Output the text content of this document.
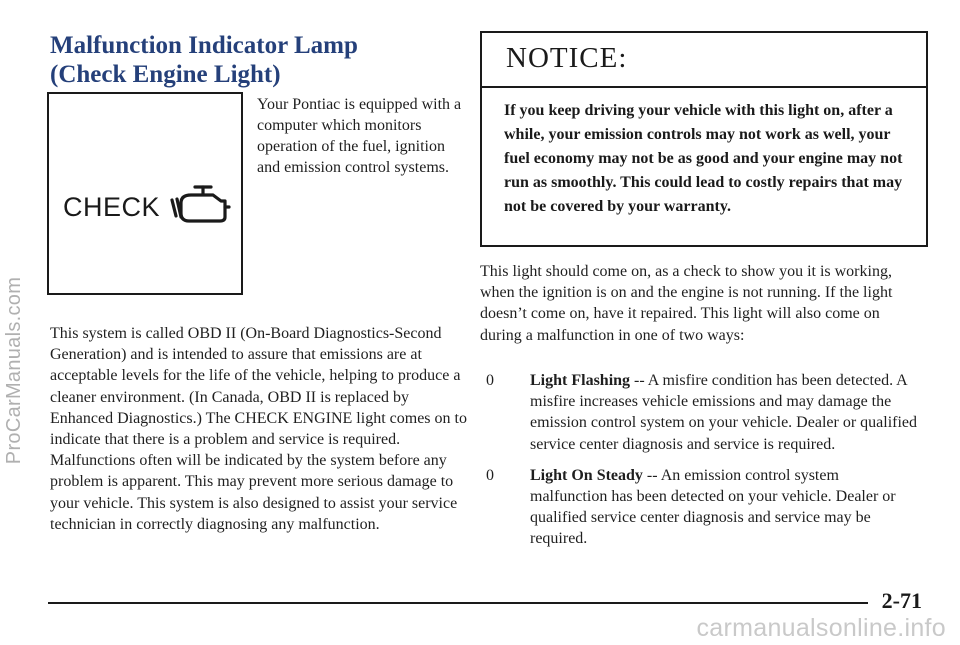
ProCarManuals.com
Malfunction Indicator Lamp
(Check Engine Light)
CHECK

Your Pontiac is equipped with a computer which monitors operation of the fuel, ignition and emission control systems.

This system is called OBD II (On-Board Diagnostics-Second Generation) and is intended to assure that emissions are at acceptable levels for the life of the vehicle, helping to produce a cleaner environment. (In Canada, OBD II is replaced by Enhanced Diagnostics.) The CHECK ENGINE light comes on to indicate that there is a problem and service is required. Malfunctions often will be indicated by the system before any problem is apparent. This may prevent more serious damage to your vehicle. This system is also designed to assist your service technician in correctly diagnosing any malfunction.

NOTICE:

If you keep driving your vehicle with this light on, after a while, your emission controls may not work as well, your fuel economy may not be as good and your engine may not run as smoothly. This could lead to costly repairs that may not be covered by your warranty.

This light should come on, as a check to show you it is working, when the ignition is on and the engine is not running. If the light doesn’t come on, have it repaired. This light will also come on during a malfunction in one of two ways:

0 Light Flashing -- A misfire condition has been detected. A misfire increases vehicle emissions and may damage the emission control system on your vehicle. Dealer or qualified service center diagnosis and service is required.
0 Light On Steady -- An emission control system malfunction has been detected on your vehicle. Dealer or qualified service center diagnosis and service may be required.
2-71
carmanualsonline.info
